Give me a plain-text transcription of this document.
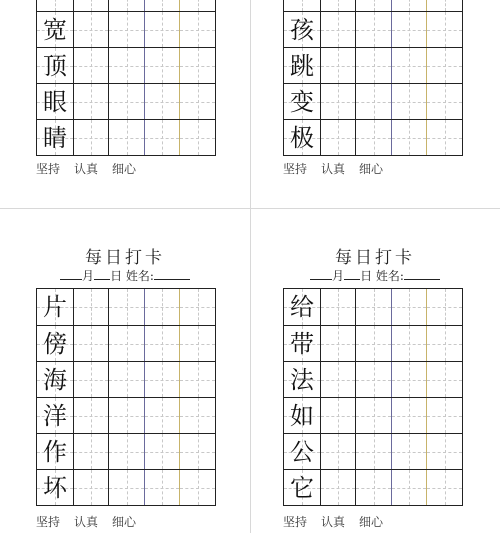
宽
顶
眼
睛
坚持 认真 细心
孩
跳
变
极
坚持 认真 细心
每日打卡
月 日 姓名:
片
傍
海
洋
作
坏
坚持 认真 细心
每日打卡
月 日 姓名:
给
带
法
如
公
它
坚持 认真 细心
